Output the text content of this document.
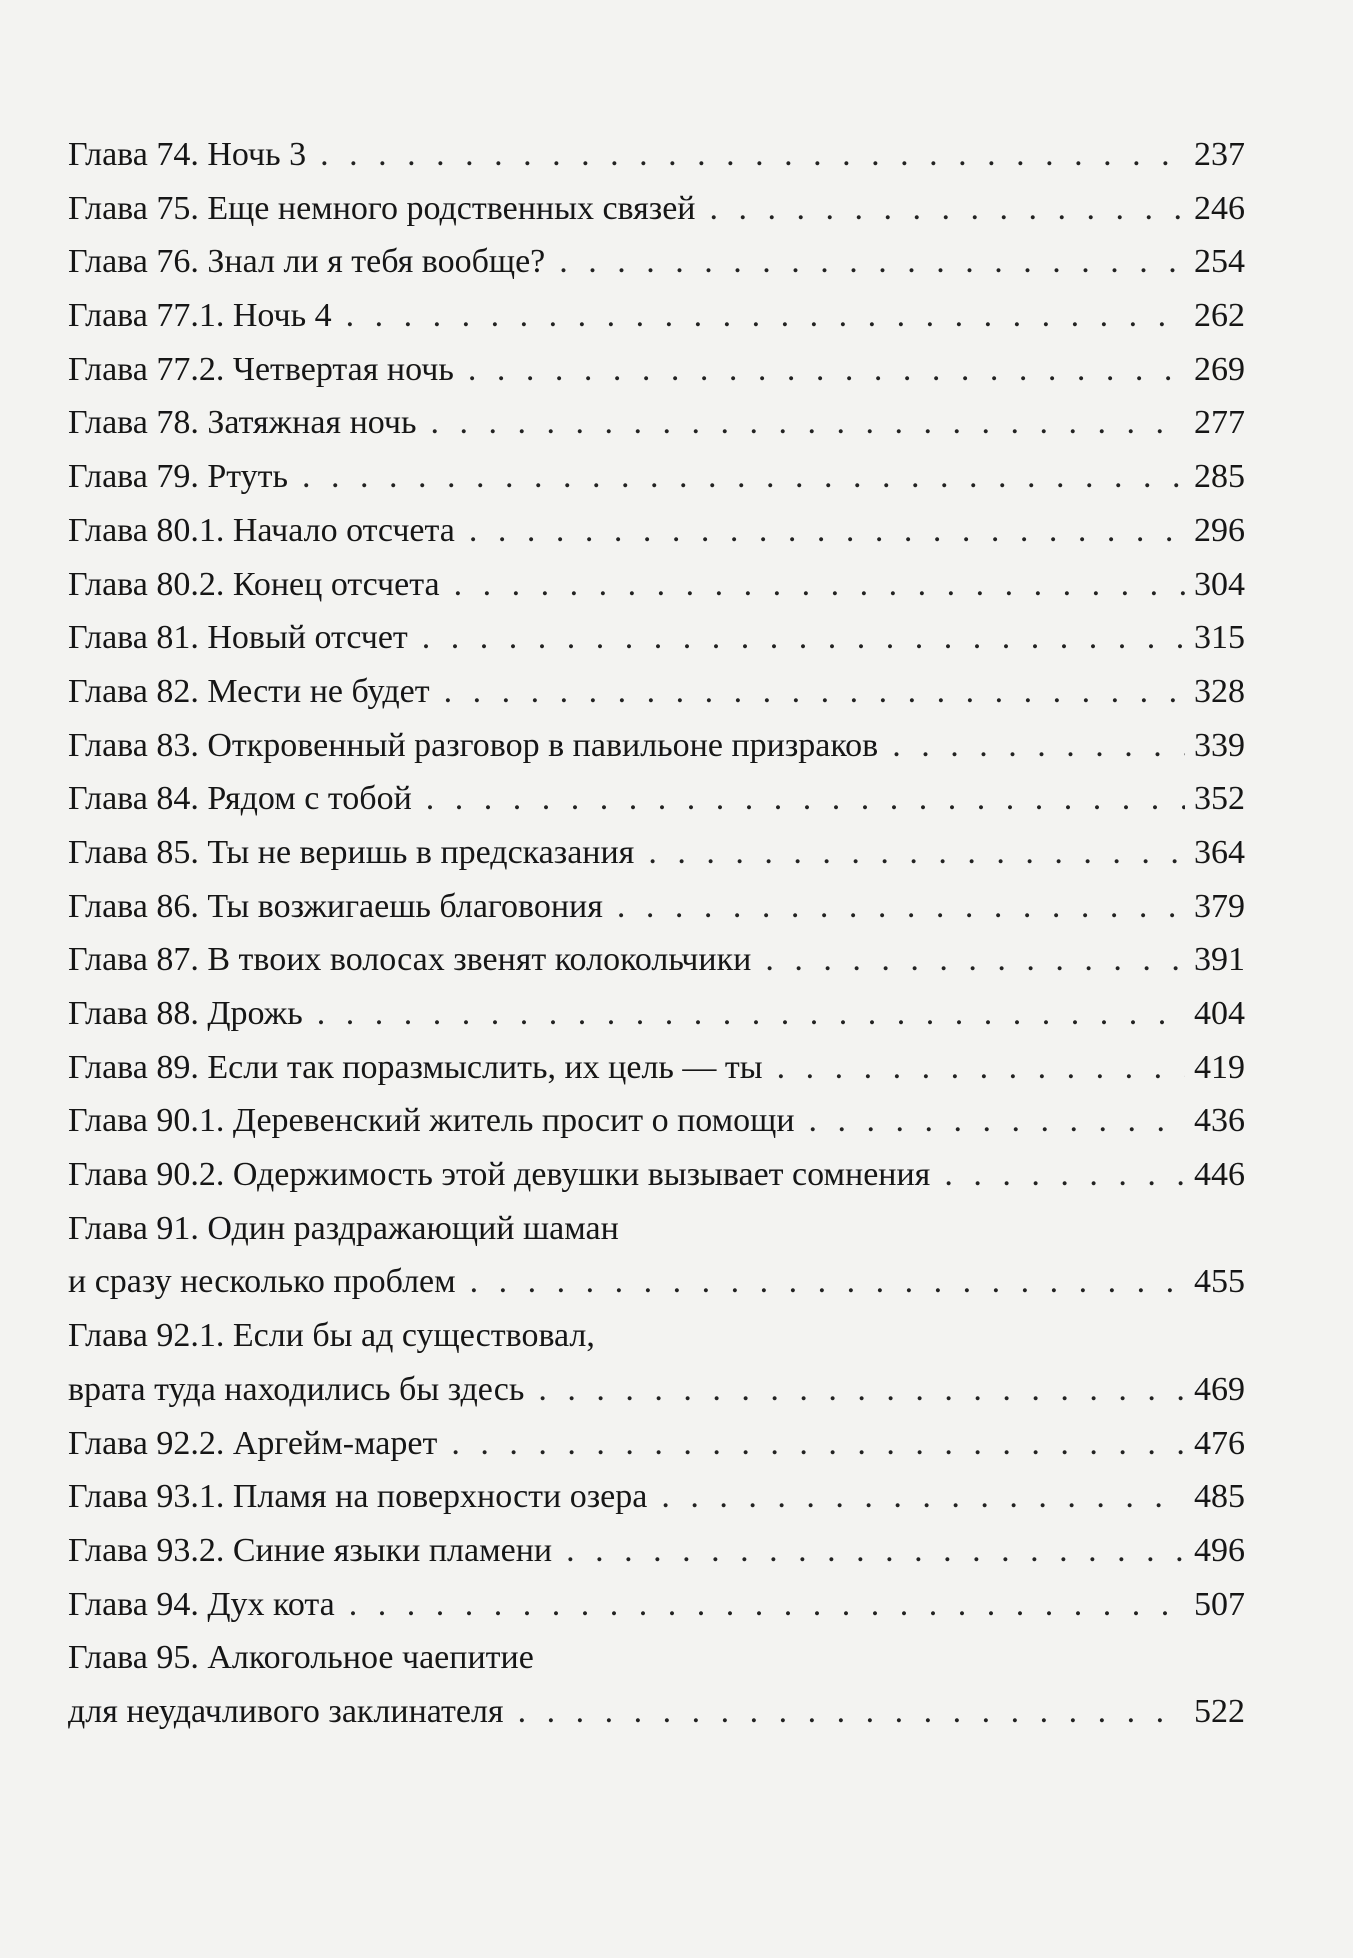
Глава 74. Ночь 3 . . .	237
Глава 75. Еще немного родственных связей . . .	246
Глава 76. Знал ли я тебя вообще? . . .	254
Глава 77.1. Ночь 4 . . .	262
Глава 77.2. Четвертая ночь . . .	269
Глава 78. Затяжная ночь . . .	277
Глава 79. Ртуть . . .	285
Глава 80.1. Начало отсчета . . .	296
Глава 80.2. Конец отсчета . . .	304
Глава 81. Новый отсчет . . .	315
Глава 82. Мести не будет . . .	328
Глава 83. Откровенный разговор в павильоне призраков . . .	339
Глава 84. Рядом с тобой . . .	352
Глава 85. Ты не веришь в предсказания . . .	364
Глава 86. Ты возжигаешь благовония . . .	379
Глава 87. В твоих волосах звенят колокольчики . . .	391
Глава 88. Дрожь . . .	404
Глава 89. Если так поразмыслить, их цель — ты . . .	419
Глава 90.1. Деревенский житель просит о помощи . . .	436
Глава 90.2. Одержимость этой девушки вызывает сомнения . . .	446
Глава 91. Один раздражающий шаман
и сразу несколько проблем . . .	455
Глава 92.1. Если бы ад существовал,
врата туда находились бы здесь . . .	469
Глава 92.2. Аргейм-марет . . .	476
Глава 93.1. Пламя на поверхности озера . . .	485
Глава 93.2. Синие языки пламени . . .	496
Глава 94. Дух кота . . .	507
Глава 95. Алкогольное чаепитие
для неудачливого заклинателя . . .	522
